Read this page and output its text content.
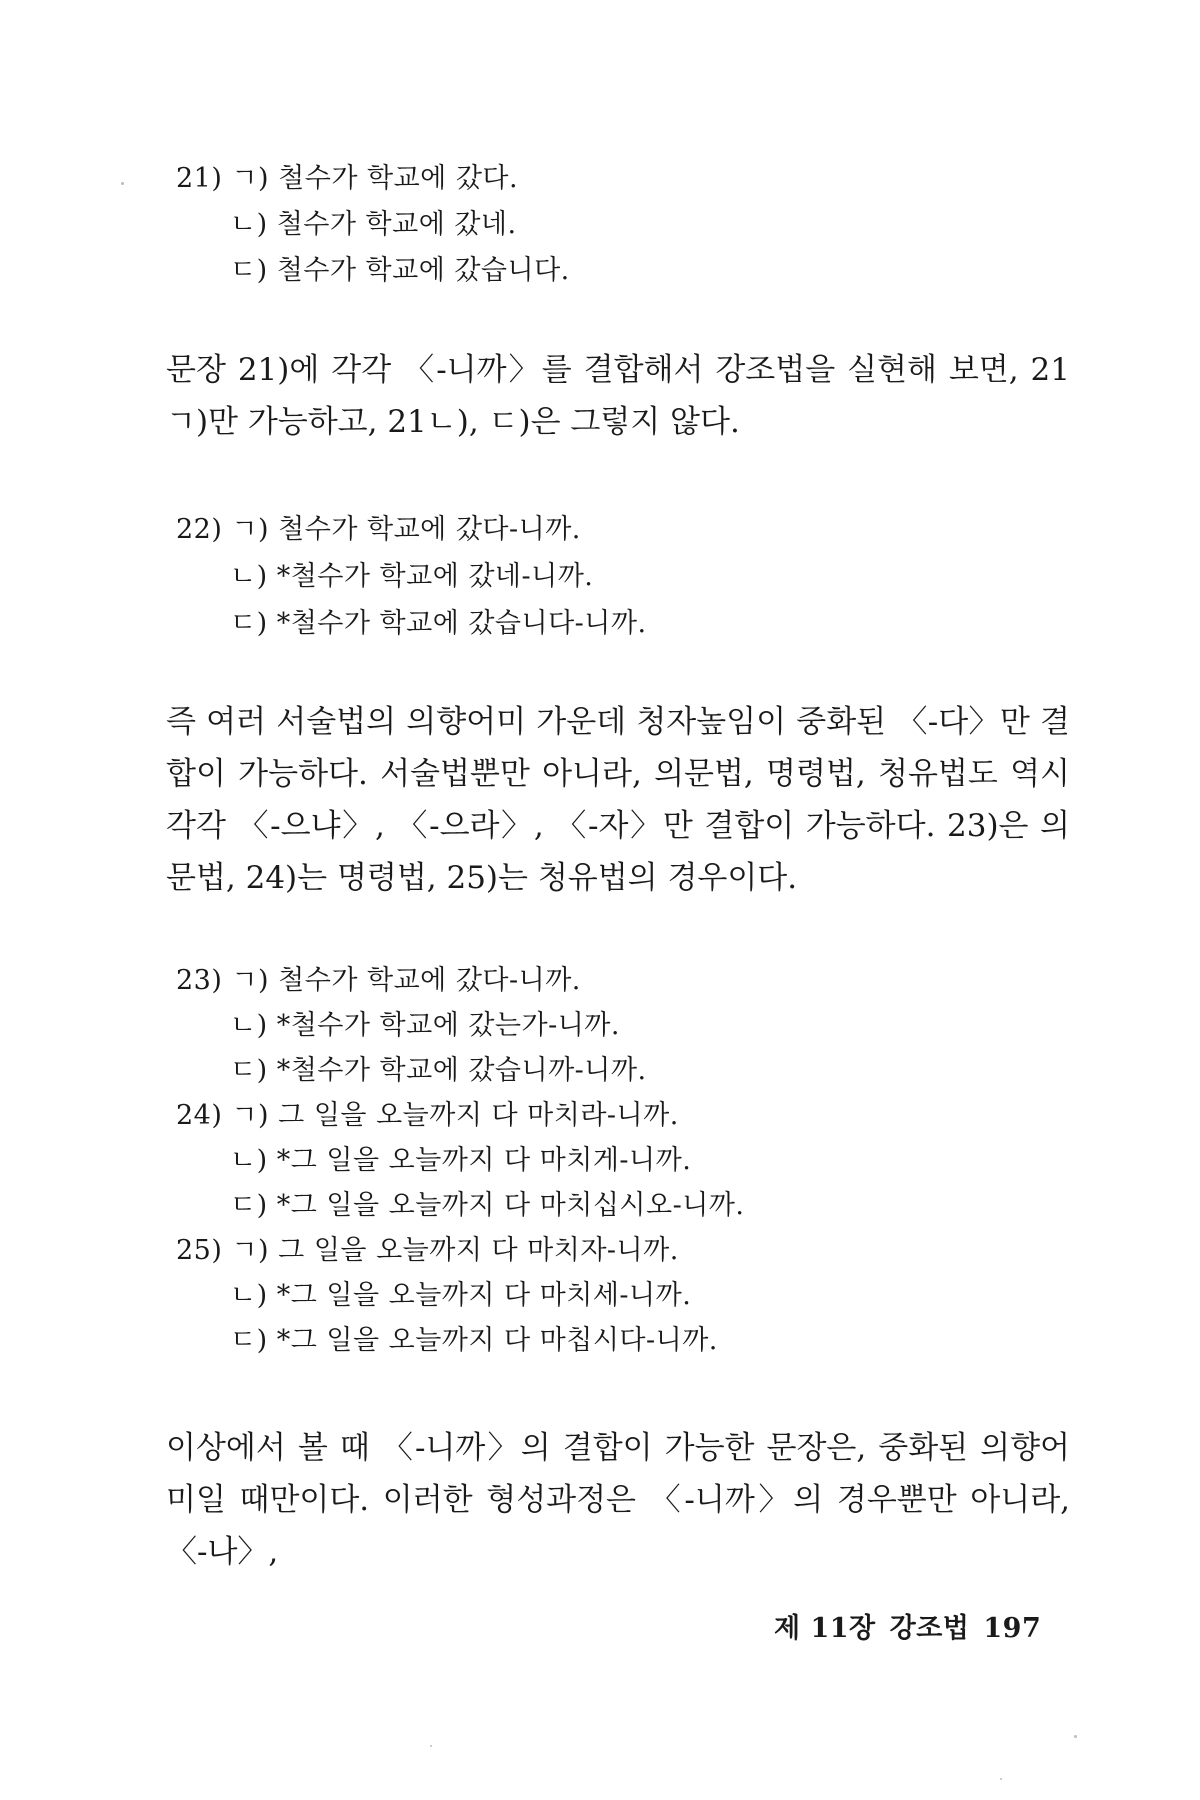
21) ㄱ) 철수가 학교에 갔다.
ㄴ) 철수가 학교에 갔네.
ㄷ) 철수가 학교에 갔습니다.

문장 21)에 각각 〈-니까〉를 결합해서 강조법을 실현해 보면, 21ㄱ)만 가능하고, 21ㄴ), ㄷ)은 그렇지 않다.

22) ㄱ) 철수가 학교에 갔다-니까.
ㄴ) *철수가 학교에 갔네-니까.
ㄷ) *철수가 학교에 갔습니다-니까.

즉 여러 서술법의 의향어미 가운데 청자높임이 중화된 〈-다〉만 결합이 가능하다. 서술법뿐만 아니라, 의문법, 명령법, 청유법도 역시 각각 〈-으냐〉, 〈-으라〉, 〈-자〉만 결합이 가능하다. 23)은 의문법, 24)는 명령법, 25)는 청유법의 경우이다.

23) ㄱ) 철수가 학교에 갔다-니까.
ㄴ) *철수가 학교에 갔는가-니까.
ㄷ) *철수가 학교에 갔습니까-니까.
24) ㄱ) 그 일을 오늘까지 다 마치라-니까.
ㄴ) *그 일을 오늘까지 다 마치게-니까.
ㄷ) *그 일을 오늘까지 다 마치십시오-니까.
25) ㄱ) 그 일을 오늘까지 다 마치자-니까.
ㄴ) *그 일을 오늘까지 다 마치세-니까.
ㄷ) *그 일을 오늘까지 다 마칩시다-니까.

이상에서 볼 때 〈-니까〉의 결합이 가능한 문장은, 중화된 의향어미일 때만이다. 이러한 형성과정은 〈-니까〉의 경우뿐만 아니라, 〈-나〉,

제 11장 강조법 197
